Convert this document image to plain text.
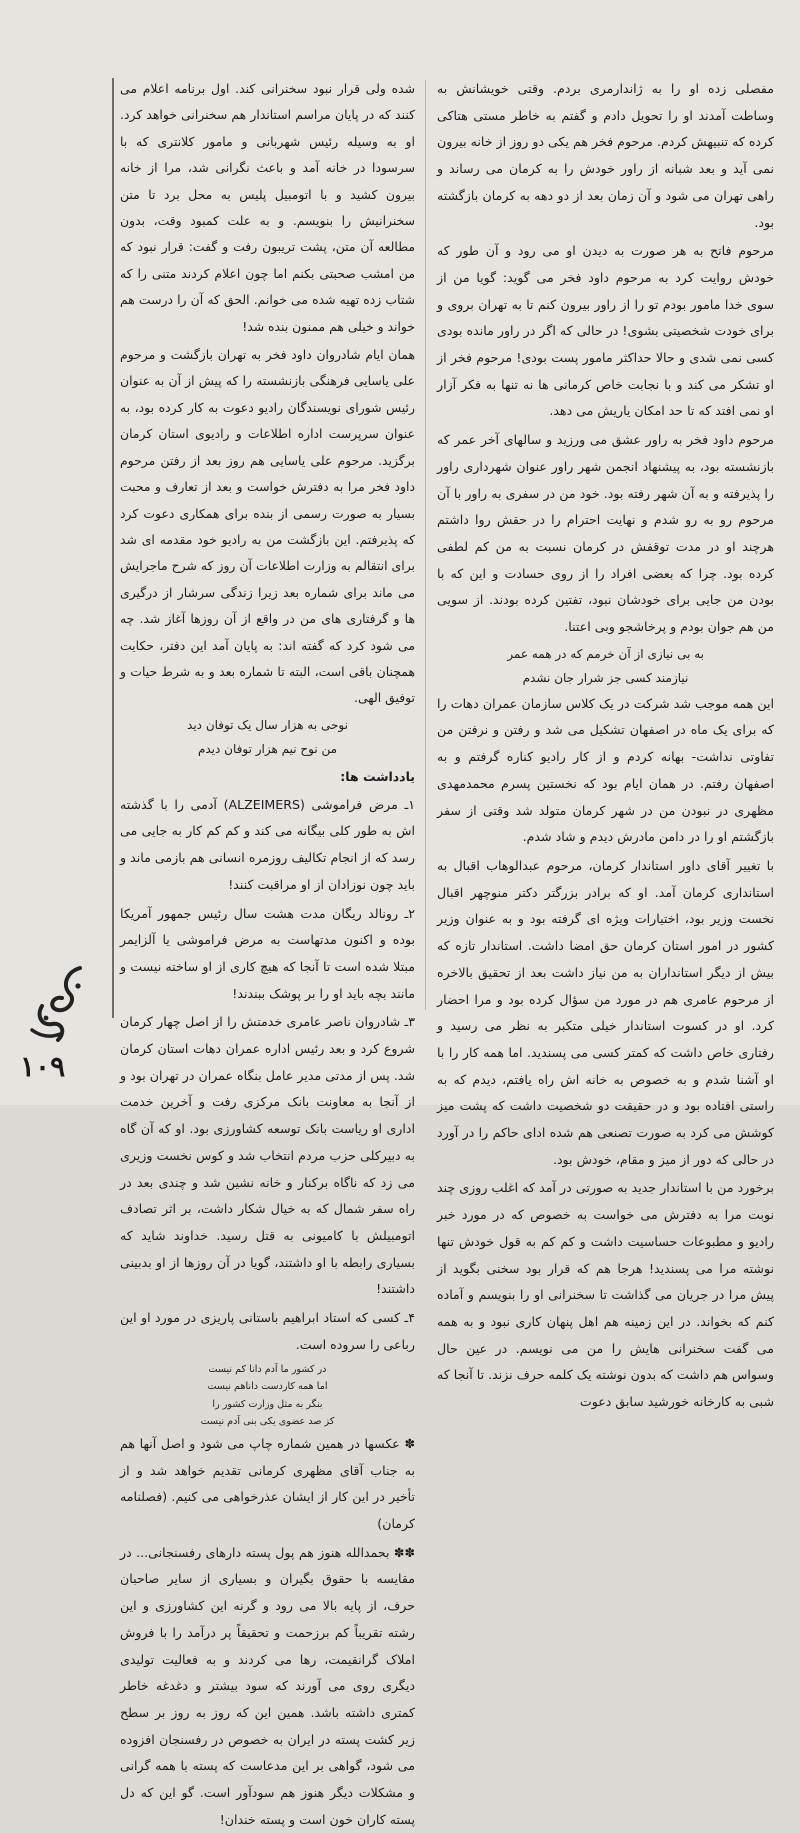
مفصلی زده او را به ژاندارمری بردم. وقتی خویشانش به وساطت آمدند او را تحویل دادم و گفتم به خاطر مستی هتاکی کرده که تنبیهش کردم. مرحوم فخر هم یکی دو روز از خانه بیرون نمی آید و بعد شبانه از راور خودش را به کرمان می رساند و راهی تهران می شود و آن زمان بعد از دو دهه به کرمان بازگشته بود.

مرحوم فاتح به هر صورت به دیدن او می رود و آن طور که خودش روایت کرد به مرحوم داود فخر می گوید: گویا من از سوی خدا مامور بودم تو را از راور بیرون کنم تا به تهران بروی و برای خودت شخصیتی بشوی! در حالی که اگر در راور مانده بودی کسی نمی شدی و حالا حداکثر مامور پست بودی! مرحوم فخر از او تشکر می کند و با نجابت خاص کرمانی ها نه تنها به فکر آزار او نمی افتد که تا حد امکان یاریش می دهد.

مرحوم داود فخر به راور عشق می ورزید و سالهای آخر عمر که بازنشسته بود، به پیشنهاد انجمن شهر راور عنوان شهرداری راور را پذیرفته و به آن شهر رفته بود. خود من در سفری به راور با آن مرحوم رو به رو شدم و نهایت احترام را در حقش روا داشتم هرچند او در مدت توقفش در کرمان نسبت به من کم لطفی کرده بود. چرا که بعضی افراد را از روی حسادت و این که با بودن من جایی برای خودشان نبود، تفتین کرده بودند. از سویی من هم جوان بودم و پرخاشجو وبی اعتنا.

به بی نیازی از آن خرمم که در همه عمر
نیازمند کسی جز شرار جان نشدم

این همه موجب شد شرکت در یک کلاس سازمان عمران دهات را که برای یک ماه در اصفهان تشکیل می شد و رفتن و نرفتن من تفاوتی نداشت- بهانه کردم و از کار رادیو کناره گرفتم و به اصفهان رفتم. در همان ایام بود که نخستین پسرم محمدمهدی مظهری در نبودن من در شهر کرمان متولد شد وقتی از سفر بازگشتم او را در دامن مادرش دیدم و شاد شدم.

با تغییر آقای داور استاندار کرمان، مرحوم عبدالوهاب اقبال به استانداری کرمان آمد. او که برادر بزرگتر دکتر منوچهر اقبال نخست وزیر بود، اختیارات ویژه ای گرفته بود و به عنوان وزیر کشور در امور استان کرمان حق امضا داشت. استاندار تازه که بیش از دیگر استانداران به من نیاز داشت بعد از تحقیق بالاخره از مرحوم عامری هم در مورد من سؤال کرده بود و مرا احضار کرد. او در کسوت استاندار خیلی متکبر به نظر می رسید و رفتاری خاص داشت که کمتر کسی می پسندید. اما همه کار را با او آشنا شدم و به خصوص به خانه اش راه یافتم، دیدم که به راستی افتاده بود و در حقیقت دو شخصیت داشت که پشت میز کوشش می کرد به صورت تصنعی هم شده ادای حاکم را در آورد در حالی که دور از میز و مقام، خودش بود.

برخورد من با استاندار جدید به صورتی در آمد که اغلب روزی چند نوبت مرا به دفترش می خواست به خصوص که در مورد خبر رادیو و مطبوعات حساسیت داشت و کم کم به قول خودش تنها نوشته مرا می پسندید! هرجا هم که قرار بود سخنی بگوید از پیش مرا در جریان می گذاشت تا سخنرانی او را بنویسم و آماده کنم که بخواند. در این زمینه هم اهل پنهان کاری نبود و به همه می گفت سخنرانی هایش را من می نویسم. در عین حال وسواس هم داشت که بدون نوشته یک کلمه حرف نزند. تا آنجا که شبی به کارخانه خورشید سابق دعوت

شده ولی قرار نبود سخنرانی کند. اول برنامه اعلام می کنند که در پایان مراسم استاندار هم سخنرانی خواهد کرد. او به وسیله رئیس شهربانی و مامور کلانتری که با سرسودا در خانه آمد و باعث نگرانی شد، مرا از خانه بیرون کشید و با اتومبیل پلیس به محل برد تا متن سخنرانیش را بنویسم. و به علت کمبود وقت، بدون مطالعه آن متن، پشت تریبون رفت و گفت: قرار نبود که من امشب صحبتی بکنم اما چون اعلام کردند متنی را که شتاب زده تهیه شده می خوانم. الحق که آن را درست هم خواند و خیلی هم ممنون بنده شد!

همان ایام شادروان داود فخر به تهران بازگشت و مرحوم علی یاسایی فرهنگی بازنشسته را که پیش از آن به عنوان رئیس شورای نویسندگان رادیو دعوت به کار کرده بود، به عنوان سرپرست اداره اطلاعات و رادیوی استان کرمان برگزید. مرحوم علی یاسایی هم روز بعد از رفتن مرحوم داود فخر مرا به دفترش خواست و بعد از تعارف و محبت بسیار به صورت رسمی از بنده برای همکاری دعوت کرد که پذیرفتم. این بازگشت من به رادیو خود مقدمه ای شد برای انتقالم به وزارت اطلاعات آن روز که شرح ماجرایش می ماند برای شماره بعد زیرا زندگی سرشار از درگیری ها و گرفتاری های من در واقع از آن روزها آغاز شد. چه می شود کرد که گفته اند: به پایان آمد این دفتر، حکایت همچنان باقی است، البته تا شماره بعد و به شرط حیات و توفیق الهی.

نوحی به هزار سال یک توفان دید
من نوح نیم هزار توفان دیدم
یادداشت ها:

۱ـ مرض فراموشی (ALZEIMERS) آدمی را با گذشته اش به طور کلی بیگانه می کند و کم کم کار به جایی می رسد که از انجام تکالیف روزمره انسانی هم بازمی ماند و باید چون نوزادان از او مراقبت کنند!

۲ـ رونالد ریگان مدت هشت سال رئیس جمهور آمریکا بوده و اکنون مدتهاست به مرض فراموشی یا آلزایمر مبتلا شده است تا آنجا که هیچ کاری از او ساخته نیست و مانند بچه باید او را بر پوشک ببندند!

۳ـ شادروان ناصر عامری خدمتش را از اصل چهار کرمان شروع کرد و بعد رئیس اداره عمران دهات استان کرمان شد. پس از مدتی مدیر عامل بنگاه عمران در تهران بود و از آنجا به معاونت بانک مرکزی رفت و آخرین خدمت اداری او ریاست بانک توسعه کشاورزی بود. او که آن گاه به دبیرکلی حزب مردم انتخاب شد و کوس نخست وزیری می زد که ناگاه برکنار و خانه نشین شد و چندی بعد در راه سفر شمال که به خیال شکار داشت، بر اثر تصادف اتومبیلش با کامیونی به قتل رسید. خداوند شاید که بسیاری رابطه با او داشتند، گویا در آن روزها از او بدبینی داشتند!

۴ـ کسی که استاد ابراهیم باستانی پاریزی در مورد او این رباعی را سروده است.

در کشور ما آدم دانا کم نیست
اما همه کاردست داناهم نیست
بنگر به مثل وزارت کشور را
کز صد عضوی یکی بنی آدم نیست

✽ عکسها در همین شماره چاپ می شود و اصل آنها هم به جناب آقای مظهری کرمانی تقدیم خواهد شد و از تأخیر در این کار از ایشان عذرخواهی می کنیم. (فصلنامه کرمان)

✽✽ بحمدالله هنوز هم پول پسته دارهای رفسنجانی... در مقایسه با حقوق بگیران و بسیاری از سایر صاحبان حرف، از پایه بالا می رود و گرنه این کشاورزی و این رشته تقریباً کم برزحمت و تحقیقاً پر درآمد را با فروش املاک گرانقیمت، رها می کردند و به فعالیت تولیدی دیگری روی می آورند که سود بیشتر و دغدغه خاطر کمتری داشته باشد. همین این که روز به روز بر سطح زیر کشت پسته در ایران به خصوص در رفسنجان افزوده می شود، گواهی بر این مدعاست که پسته با همه گرانی و مشکلات دیگر هنوز هم سودآور است. گو این که دل پسته کاران خون است و پسته خندان!

۱۰۹
